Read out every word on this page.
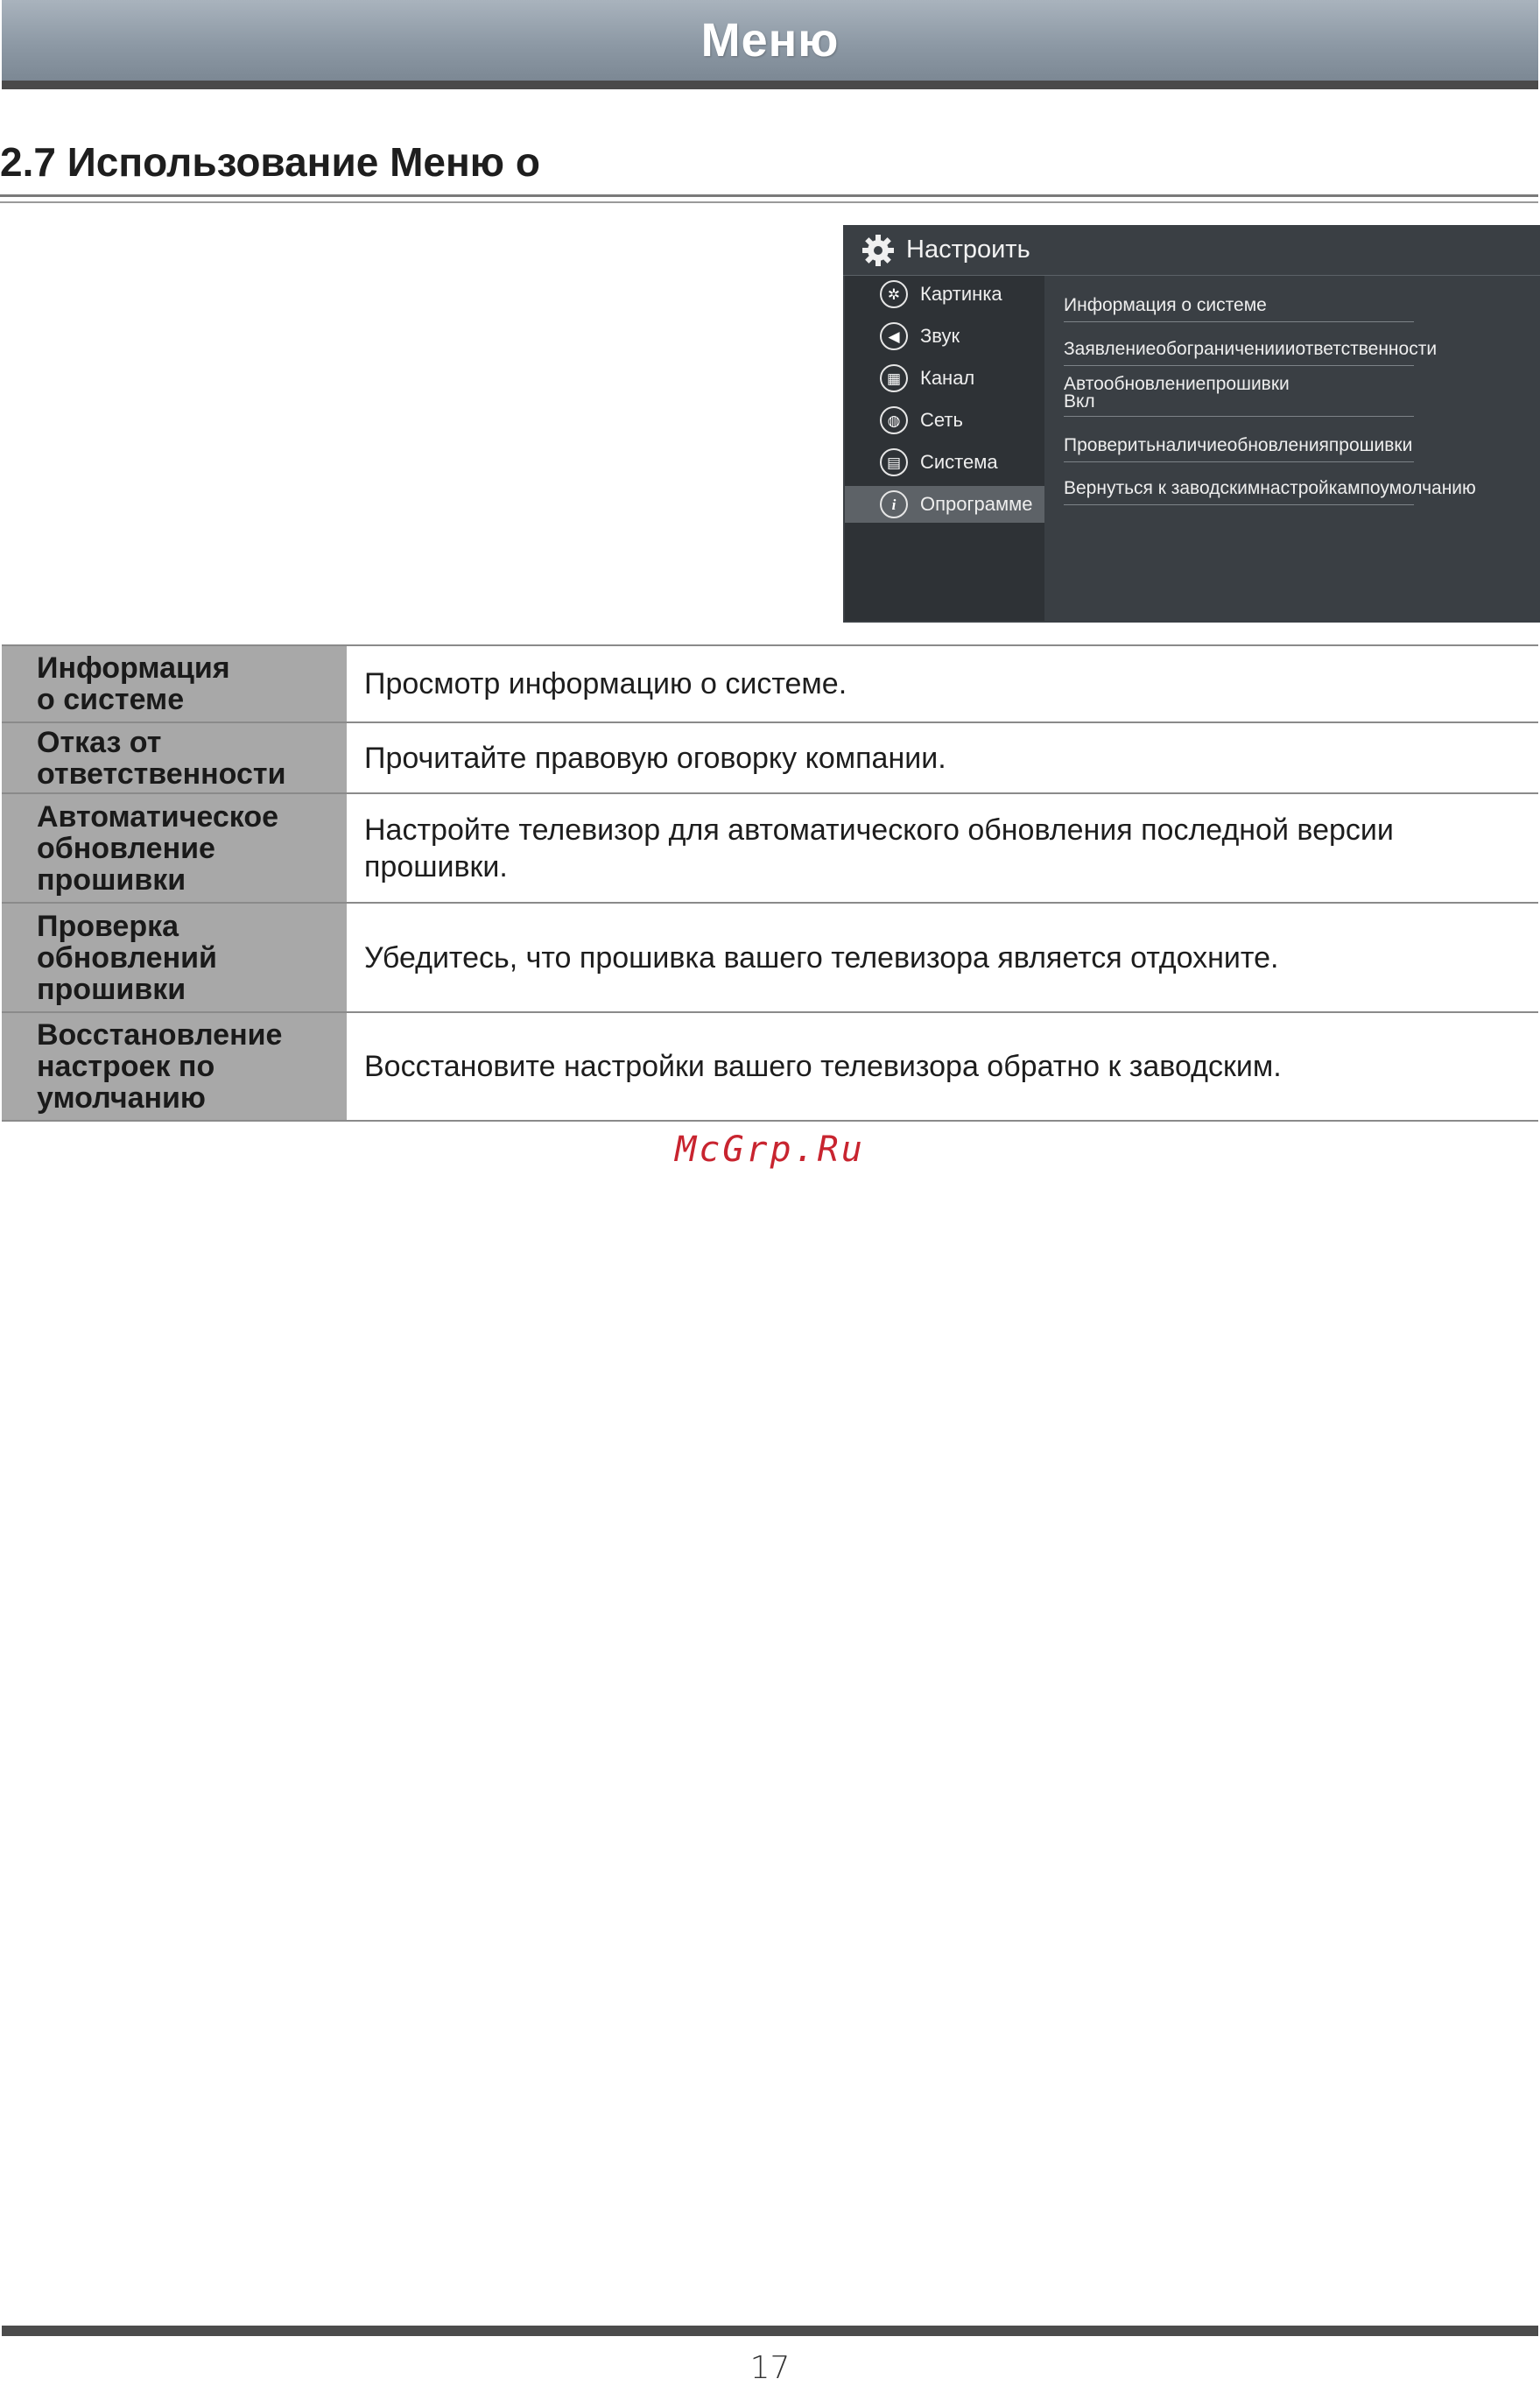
Меню
2.7 Использование Меню о
Настроить
✲	Картинка
◀	Звук
▦ Канал
◍	Сеть
▤ Система
i	Опрограмме
Информация о системе
Заявлениеобограничениииответственности
Автообновлениепрошивки
Вкл
Проверитьналичиеобновленияпрошивки
Вернуться к заводскимнастройкампоумолчанию
Информация
о системе	Просмотр информацию о системе.
Отказ от
ответственности	Прочитайте правовую оговорку компании.
Автоматическое
обновление
прошивки	Настройте телевизор для автоматического обновления последной версии
прошивки.
Проверка
обновлений
прошивки	Убедитесь, что прошивка вашего телевизора является отдохните.
Восстановление
настроек по
умолчанию	Восстановите настройки вашего телевизора обратно к заводским.
McGrp.Ru
17
